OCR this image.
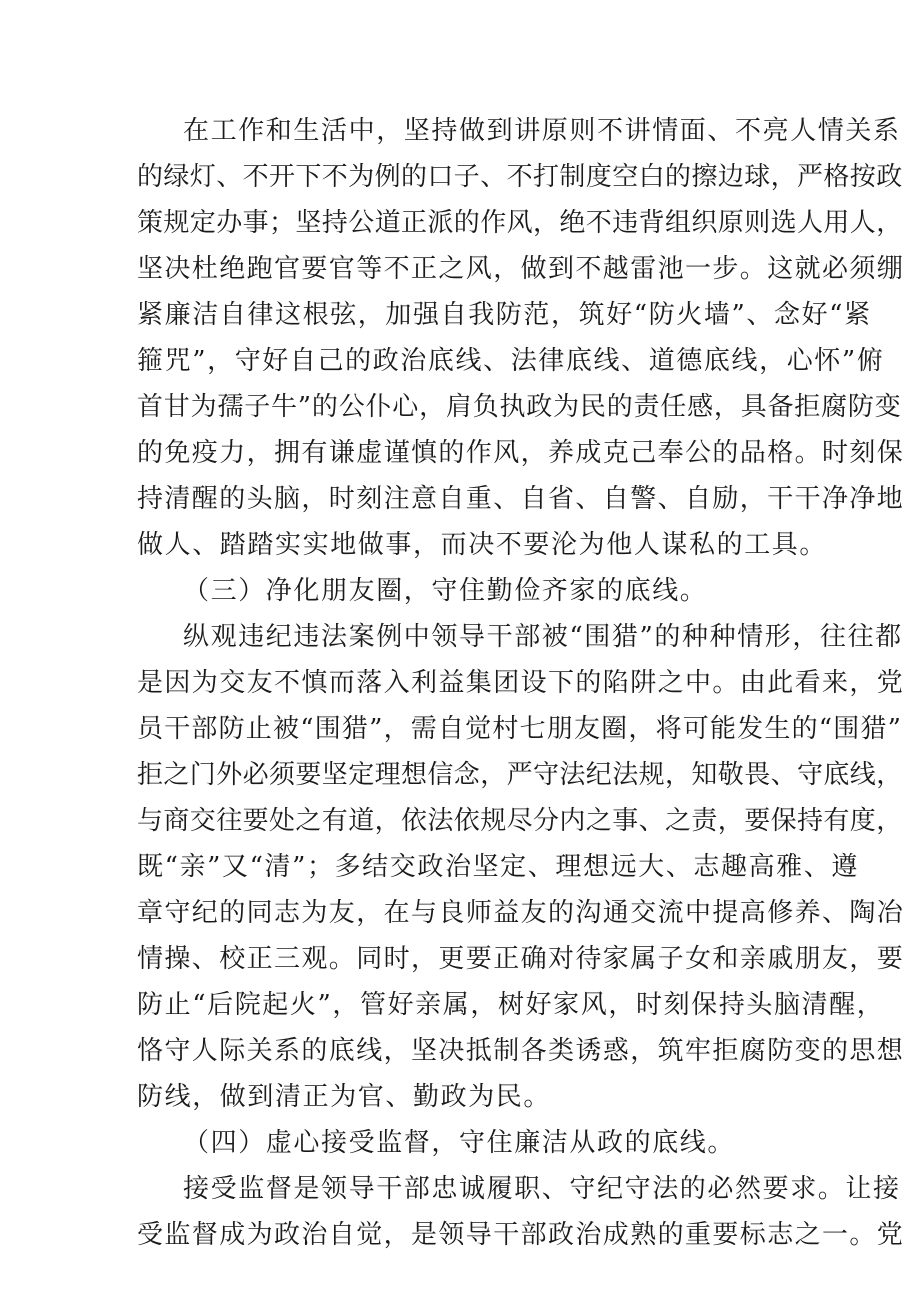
在工作和生活中，坚持做到讲原则不讲情面、不亮人情关系
的绿灯、不开下不为例的口子、不打制度空白的擦边球，严格按政
策规定办事；坚持公道正派的作风，绝不违背组织原则选人用人，
坚决杜绝跑官要官等不正之风，做到不越雷池一步。这就必须绷
紧廉洁自律这根弦，加强自我防范，筑好“防火墙”、念好“紧
箍咒”，守好自己的政治底线、法律底线、道德底线，心怀”俯
首甘为孺子牛”的公仆心，肩负执政为民的责任感，具备拒腐防变
的免疫力，拥有谦虚谨慎的作风，养成克己奉公的品格。时刻保
持清醒的头脑，时刻注意自重、自省、自警、自励，干干净净地
做人、踏踏实实地做事，而决不要沦为他人谋私的工具。
（三）净化朋友圈，守住勤俭齐家的底线。
纵观违纪违法案例中领导干部被“围猎”的种种情形，往往都
是因为交友不慎而落入利益集团设下的陷阱之中。由此看来，党
员干部防止被“围猎”，需自觉村七朋友圈，将可能发生的“围猎”
拒之门外必须要坚定理想信念，严守法纪法规，知敬畏、守底线，
与商交往要处之有道，依法依规尽分内之事、之责，要保持有度，
既“亲”又“清”；多结交政治坚定、理想远大、志趣高雅、遵
章守纪的同志为友，在与良师益友的沟通交流中提高修养、陶冶
情操、校正三观。同时，更要正确对待家属子女和亲戚朋友，要
防止“后院起火”，管好亲属，树好家风，时刻保持头脑清醒，
恪守人际关系的底线，坚决抵制各类诱惑，筑牢拒腐防变的思想
防线，做到清正为官、勤政为民。
（四）虚心接受监督，守住廉洁从政的底线。
接受监督是领导干部忠诚履职、守纪守法的必然要求。让接
受监督成为政治自觉，是领导干部政治成熟的重要标志之一。党
